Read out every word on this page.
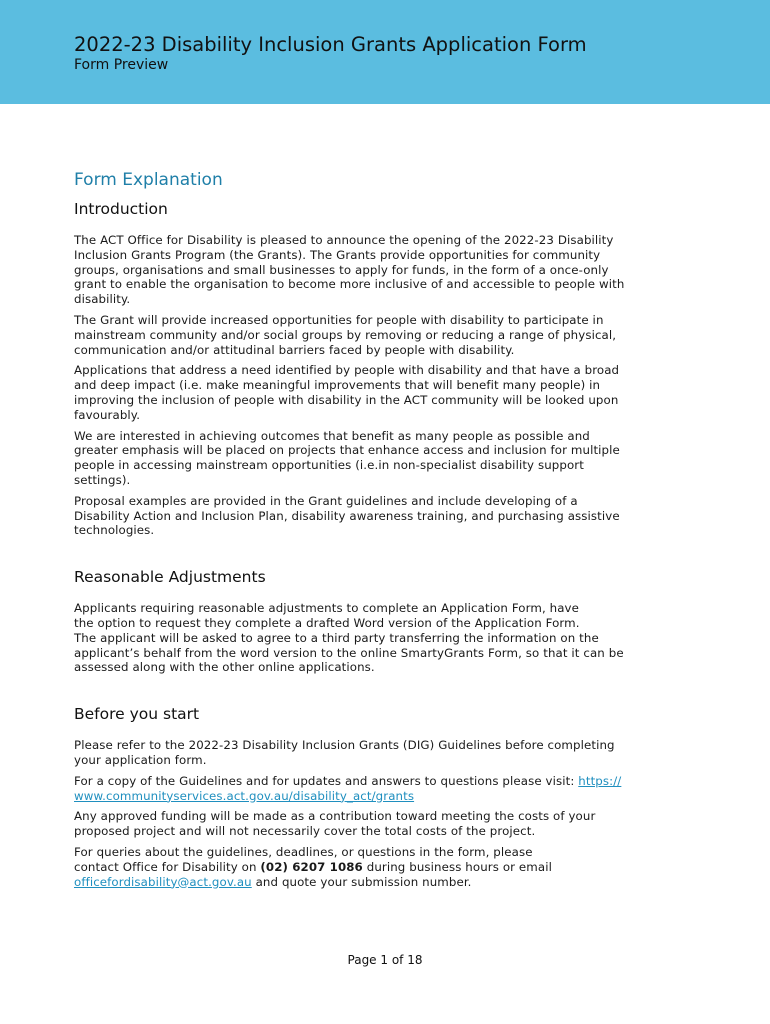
2022-23 Disability Inclusion Grants Application Form
Form Preview
Form Explanation
Introduction
The ACT Office for Disability is pleased to announce the opening of the 2022-23 Disability
Inclusion Grants Program (the Grants). The Grants provide opportunities for community
groups, organisations and small businesses to apply for funds, in the form of a once-only
grant to enable the organisation to become more inclusive of and accessible to people with
disability.
The Grant will provide increased opportunities for people with disability to participate in
mainstream community and/or social groups by removing or reducing a range of physical,
communication and/or attitudinal barriers faced by people with disability.
Applications that address a need identified by people with disability and that have a broad
and deep impact (i.e. make meaningful improvements that will benefit many people) in
improving the inclusion of people with disability in the ACT community will be looked upon
favourably.
We are interested in achieving outcomes that benefit as many people as possible and
greater emphasis will be placed on projects that enhance access and inclusion for multiple
people in accessing mainstream opportunities (i.e.in non-specialist disability support
settings).
Proposal examples are provided in the Grant guidelines and include developing of a
Disability Action and Inclusion Plan, disability awareness training, and purchasing assistive
technologies.
Reasonable Adjustments
Applicants requiring reasonable adjustments to complete an Application Form, have
the option to request they complete a drafted Word version of the Application Form.
The applicant will be asked to agree to a third party transferring the information on the
applicant’s behalf from the word version to the online SmartyGrants Form, so that it can be
assessed along with the other online applications.
Before you start
Please refer to the 2022-23 Disability Inclusion Grants (DIG) Guidelines before completing
your application form.
For a copy of the Guidelines and for updates and answers to questions please visit: https://
www.communityservices.act.gov.au/disability_act/grants
Any approved funding will be made as a contribution toward meeting the costs of your
proposed project and will not necessarily cover the total costs of the project.
For queries about the guidelines, deadlines, or questions in the form, please
contact Office for Disability on (02) 6207 1086 during business hours or email
officefordisability@act.gov.au and quote your submission number.
Page 1 of 18
